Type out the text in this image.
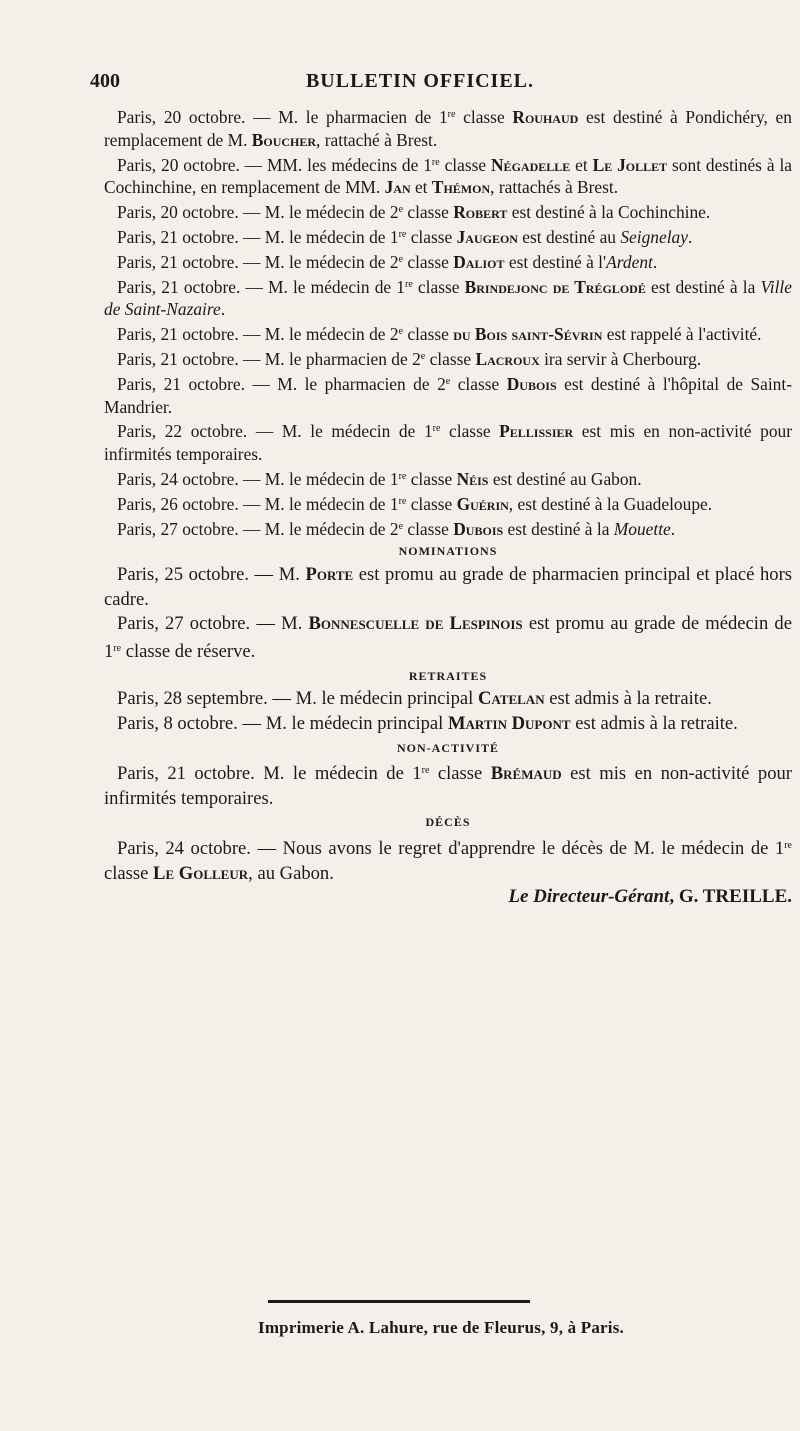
400	BULLETIN OFFICIEL.

Paris, 20 octobre. — M. le pharmacien de 1re classe Rouhaud est destiné à Pondichéry, en remplacement de M. Boucher, rattaché à Brest.

Paris, 20 octobre. — MM. les médecins de 1re classe Négadelle et Le Jollet sont destinés à la Cochinchine, en remplacement de MM. Jan et Thémon, rattachés à Brest.

Paris, 20 octobre. — M. le médecin de 2e classe Robert est destiné à la Cochinchine.

Paris, 21 octobre. — M. le médecin de 1re classe Jaugeon est destiné au Seignelay.

Paris, 21 octobre. — M. le médecin de 2e classe Daliot est destiné à l'Ardent.

Paris, 21 octobre. — M. le médecin de 1re classe Brindejonc de Tréglodé est destiné à la Ville de Saint-Nazaire.

Paris, 21 octobre. — M. le médecin de 2e classe du Bois saint-Sévrin est rappelé à l'activité.

Paris, 21 octobre. — M. le pharmacien de 2e classe Lacroux ira servir à Cherbourg.

Paris, 21 octobre. — M. le pharmacien de 2e classe Dubois est destiné à l'hôpital de Saint-Mandrier.

Paris, 22 octobre. — M. le médecin de 1re classe Pellissier est mis en non-activité pour infirmités temporaires.

Paris, 24 octobre. — M. le médecin de 1re classe Néis est destiné au Gabon.

Paris, 26 octobre. — M. le médecin de 1re classe Guérin, est destiné à la Guadeloupe.

Paris, 27 octobre. — M. le médecin de 2e classe Dubois est destiné à la Mouette.

NOMINATIONS

Paris, 25 octobre. — M. Porte est promu au grade de pharmacien principal et placé hors cadre.

Paris, 27 octobre. — M. Bonnescuelle de Lespinois est promu au grade de médecin de 1re classe de réserve.

RETRAITES

Paris, 28 septembre. — M. le médecin principal Catelan est admis à la retraite.

Paris, 8 octobre. — M. le médecin principal Martin Dupont est admis à la retraite.

NON-ACTIVITÉ

Paris, 21 octobre. M. le médecin de 1re classe Brémaud est mis en non-activité pour infirmités temporaires.

DÉCÈS

Paris, 24 octobre. — Nous avons le regret d'apprendre le décès de M. le médecin de 1re classe Le Golleur, au Gabon.

Le Directeur-Gérant, G. TREILLE.

Imprimerie A. Lahure, rue de Fleurus, 9, à Paris.
